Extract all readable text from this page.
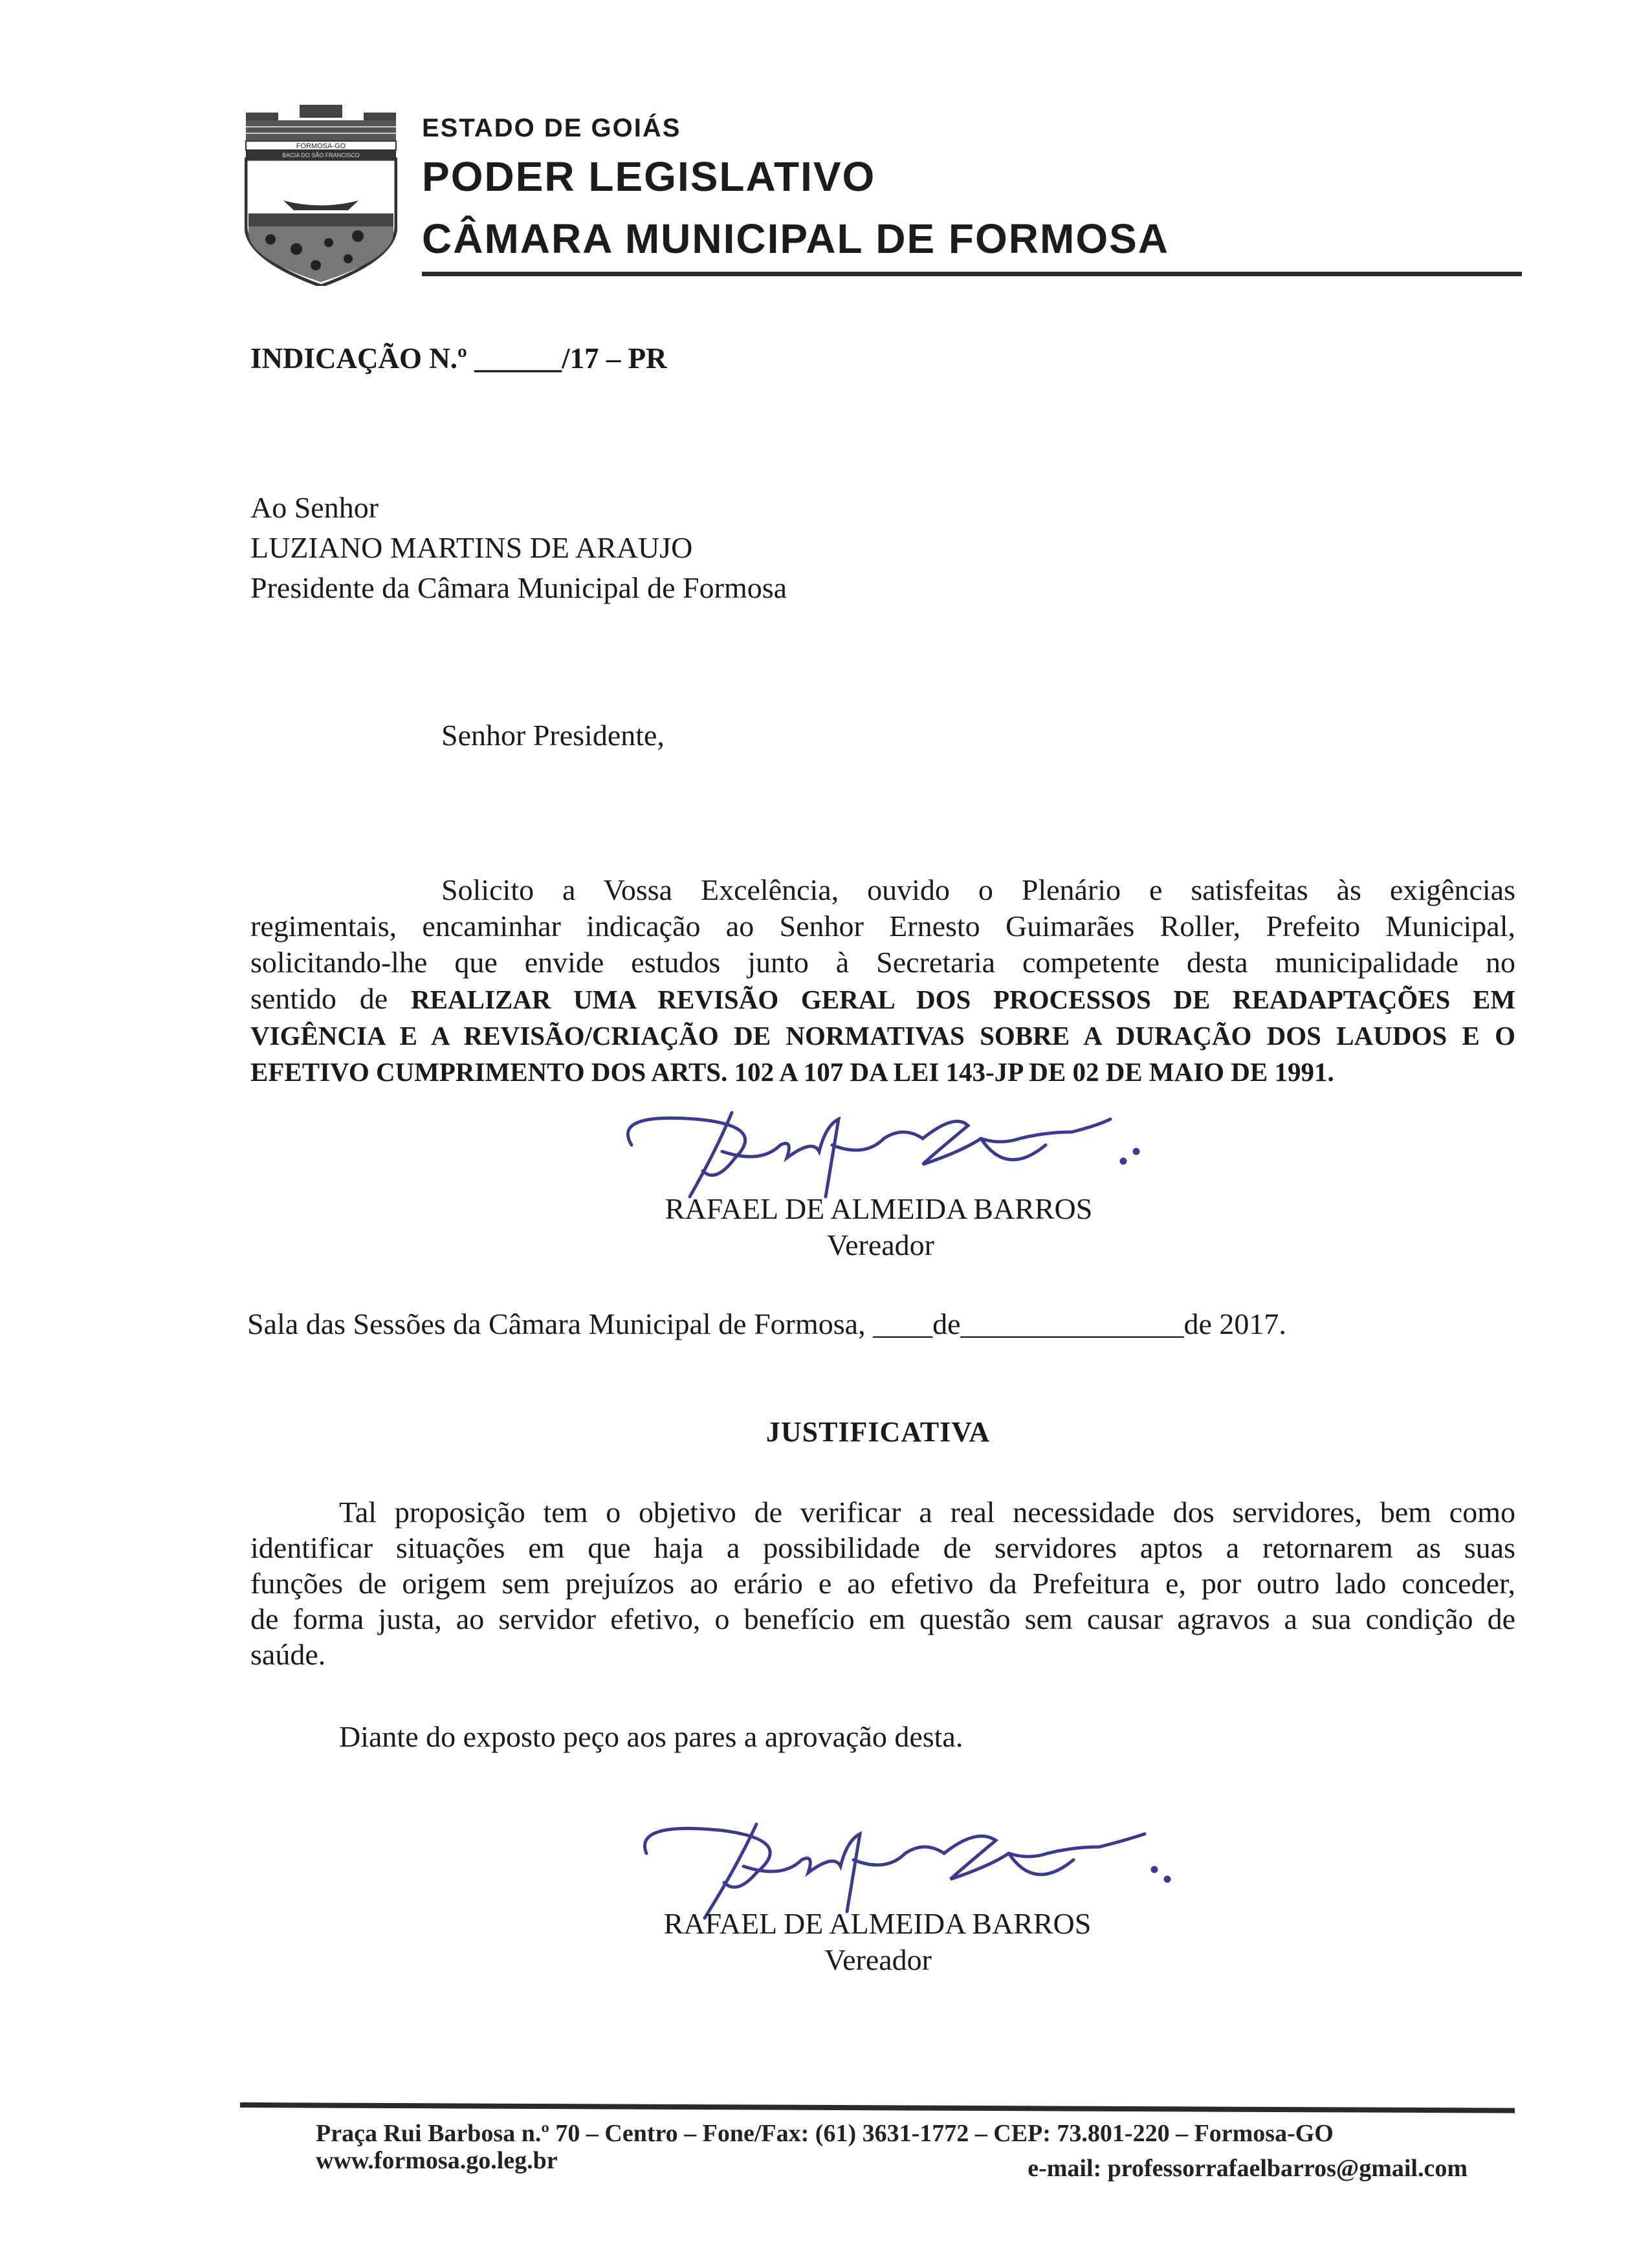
FORMOSA-GO
BACIA DO SÃO FRANCISCO
ESTADO DE GOIÁS
PODER LEGISLATIVO
CÂMARA MUNICIPAL DE FORMOSA
INDICAÇÃO N.º ______/17 – PR
Ao Senhor
LUZIANO MARTINS DE ARAUJO
Presidente da Câmara Municipal de Formosa
Senhor Presidente,
Solicito a Vossa Excelência, ouvido o Plenário e satisfeitas às exigências
regimentais, encaminhar indicação ao Senhor Ernesto Guimarães Roller, Prefeito Municipal,
solicitando-lhe que envide estudos junto à Secretaria competente desta municipalidade no
sentido de REALIZAR UMA REVISÃO GERAL DOS PROCESSOS DE READAPTAÇÕES EM
VIGÊNCIA E A REVISÃO/CRIAÇÃO DE NORMATIVAS SOBRE A DURAÇÃO DOS LAUDOS E O
EFETIVO CUMPRIMENTO DOS ARTS. 102 A 107 DA LEI 143-JP DE 02 DE MAIO DE 1991.
RAFAEL DE ALMEIDA BARROS
Vereador
Sala das Sessões da Câmara Municipal de Formosa, ____de_______________de 2017.
JUSTIFICATIVA
Tal proposição tem o objetivo de verificar a real necessidade dos servidores, bem como
identificar situações em que haja a possibilidade de servidores aptos a retornarem as suas
funções de origem sem prejuízos ao erário e ao efetivo da Prefeitura e, por outro lado conceder,
de forma justa, ao servidor efetivo, o benefício em questão sem causar agravos a sua condição de
saúde.
Diante do exposto peço aos pares a aprovação desta.
RAFAEL DE ALMEIDA BARROS
Vereador
Praça Rui Barbosa n.º 70 – Centro – Fone/Fax: (61) 3631-1772 – CEP: 73.801-220 – Formosa-GO
www.formosa.go.leg.br	e-mail: professorrafaelbarros@gmail.com
